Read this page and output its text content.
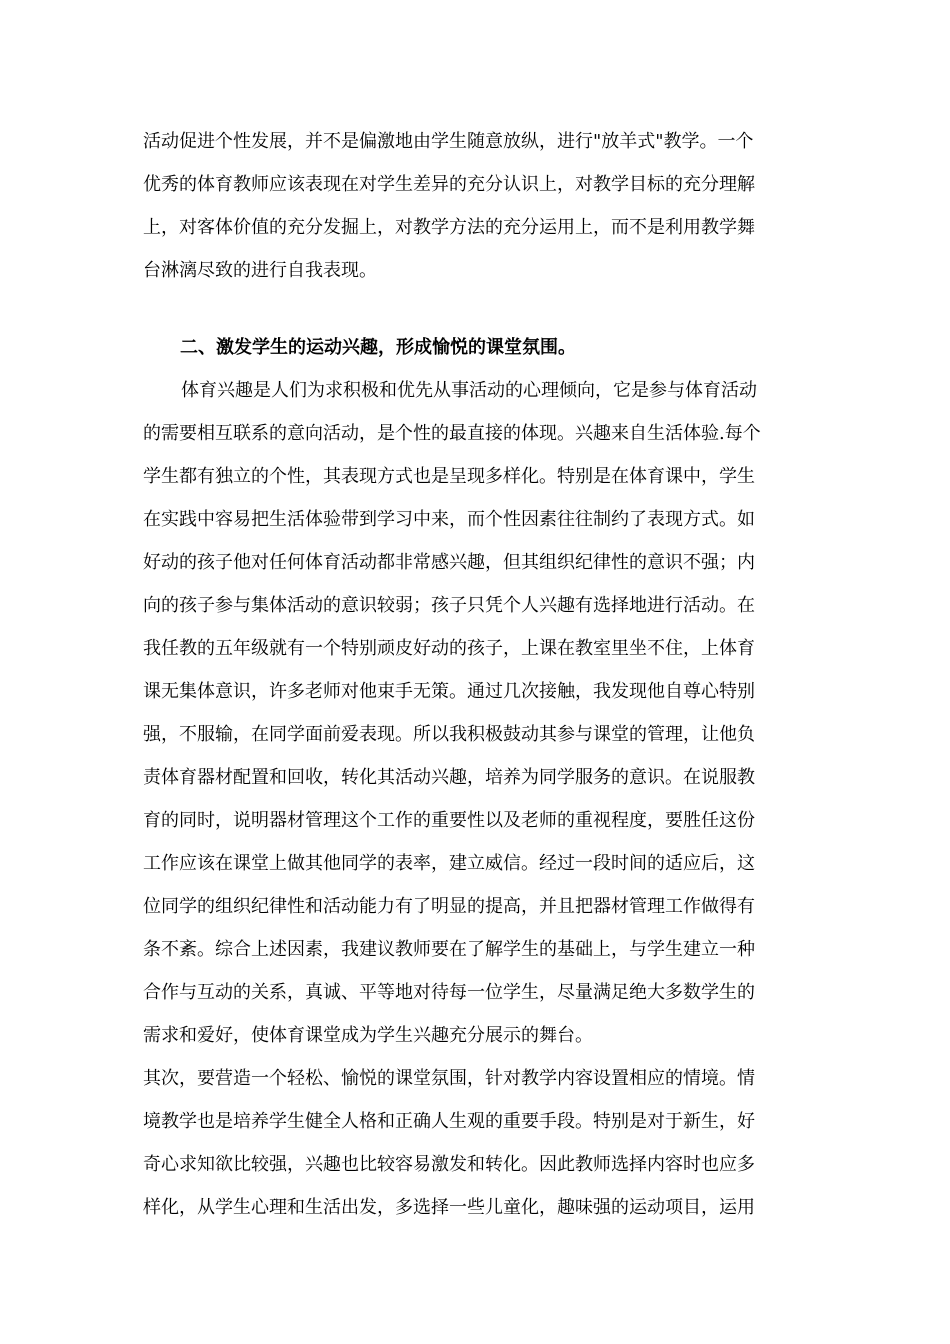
活动促进个性发展，并不是偏激地由学生随意放纵，进行"放羊式"教学。一个
优秀的体育教师应该表现在对学生差异的充分认识上，对教学目标的充分理解
上，对客体价值的充分发掘上，对教学方法的充分运用上，而不是利用教学舞
台淋漓尽致的进行自我表现。
二、激发学生的运动兴趣，形成愉悦的课堂氛围。
体育兴趣是人们为求积极和优先从事活动的心理倾向，它是参与体育活动
的需要相互联系的意向活动，是个性的最直接的体现。兴趣来自生活体验.每个
学生都有独立的个性，其表现方式也是呈现多样化。特别是在体育课中，学生
在实践中容易把生活体验带到学习中来，而个性因素往往制约了表现方式。如
好动的孩子他对任何体育活动都非常感兴趣，但其组织纪律性的意识不强；内
向的孩子参与集体活动的意识较弱；孩子只凭个人兴趣有选择地进行活动。在
我任教的五年级就有一个特别顽皮好动的孩子，上课在教室里坐不住，上体育
课无集体意识，许多老师对他束手无策。通过几次接触，我发现他自尊心特别
强，不服输，在同学面前爱表现。所以我积极鼓动其参与课堂的管理，让他负
责体育器材配置和回收，转化其活动兴趣，培养为同学服务的意识。在说服教
育的同时，说明器材管理这个工作的重要性以及老师的重视程度，要胜任这份
工作应该在课堂上做其他同学的表率，建立威信。经过一段时间的适应后，这
位同学的组织纪律性和活动能力有了明显的提高，并且把器材管理工作做得有
条不紊。综合上述因素，我建议教师要在了解学生的基础上，与学生建立一种
合作与互动的关系，真诚、平等地对待每一位学生，尽量满足绝大多数学生的
需求和爱好，使体育课堂成为学生兴趣充分展示的舞台。
其次，要营造一个轻松、愉悦的课堂氛围，针对教学内容设置相应的情境。情
境教学也是培养学生健全人格和正确人生观的重要手段。特别是对于新生，好
奇心求知欲比较强，兴趣也比较容易激发和转化。因此教师选择内容时也应多
样化，从学生心理和生活出发，多选择一些儿童化，趣味强的运动项目，运用
